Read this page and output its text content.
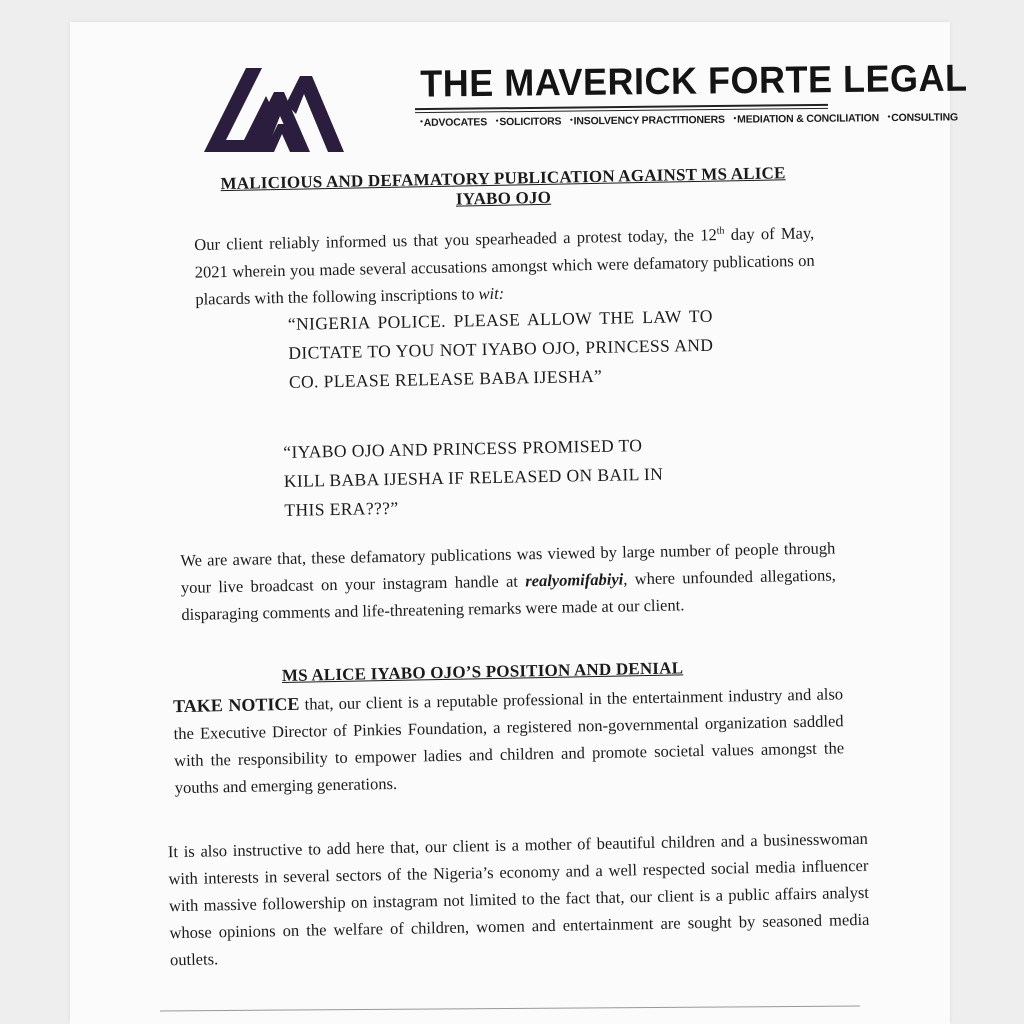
THE MAVERICK FORTE LEGAL
• ADVOCATES • SOLICITORS • INSOLVENCY PRACTITIONERS • MEDIATION & CONCILIATION • CONSULTING
MALICIOUS AND DEFAMATORY PUBLICATION AGAINST MS ALICE
IYABO OJO
Our client reliably informed us that you spearheaded a protest today, the 12th day of May, 2021 wherein you made several accusations amongst which were defamatory publications on placards with the following inscriptions to wit:
“NIGERIA POLICE. PLEASE ALLOW THE LAW TO DICTATE TO YOU NOT IYABO OJO, PRINCESS AND CO. PLEASE RELEASE BABA IJESHA”
“IYABO OJO AND PRINCESS PROMISED TO KILL BABA IJESHA IF RELEASED ON BAIL IN THIS ERA???”
We are aware that, these defamatory publications was viewed by large number of people through your live broadcast on your instagram handle at realyomifabiyi, where unfounded allegations, disparaging comments and life-threatening remarks were made at our client.
MS ALICE IYABO OJO’S POSITION AND DENIAL
TAKE NOTICE that, our client is a reputable professional in the entertainment industry and also the Executive Director of Pinkies Foundation, a registered non-governmental organization saddled with the responsibility to empower ladies and children and promote societal values amongst the youths and emerging generations.
It is also instructive to add here that, our client is a mother of beautiful children and a businesswoman with interests in several sectors of the Nigeria’s economy and a well respected social media influencer with massive followership on instagram not limited to the fact that, our client is a public affairs analyst whose opinions on the welfare of children, women and entertainment are sought by seasoned media outlets.
